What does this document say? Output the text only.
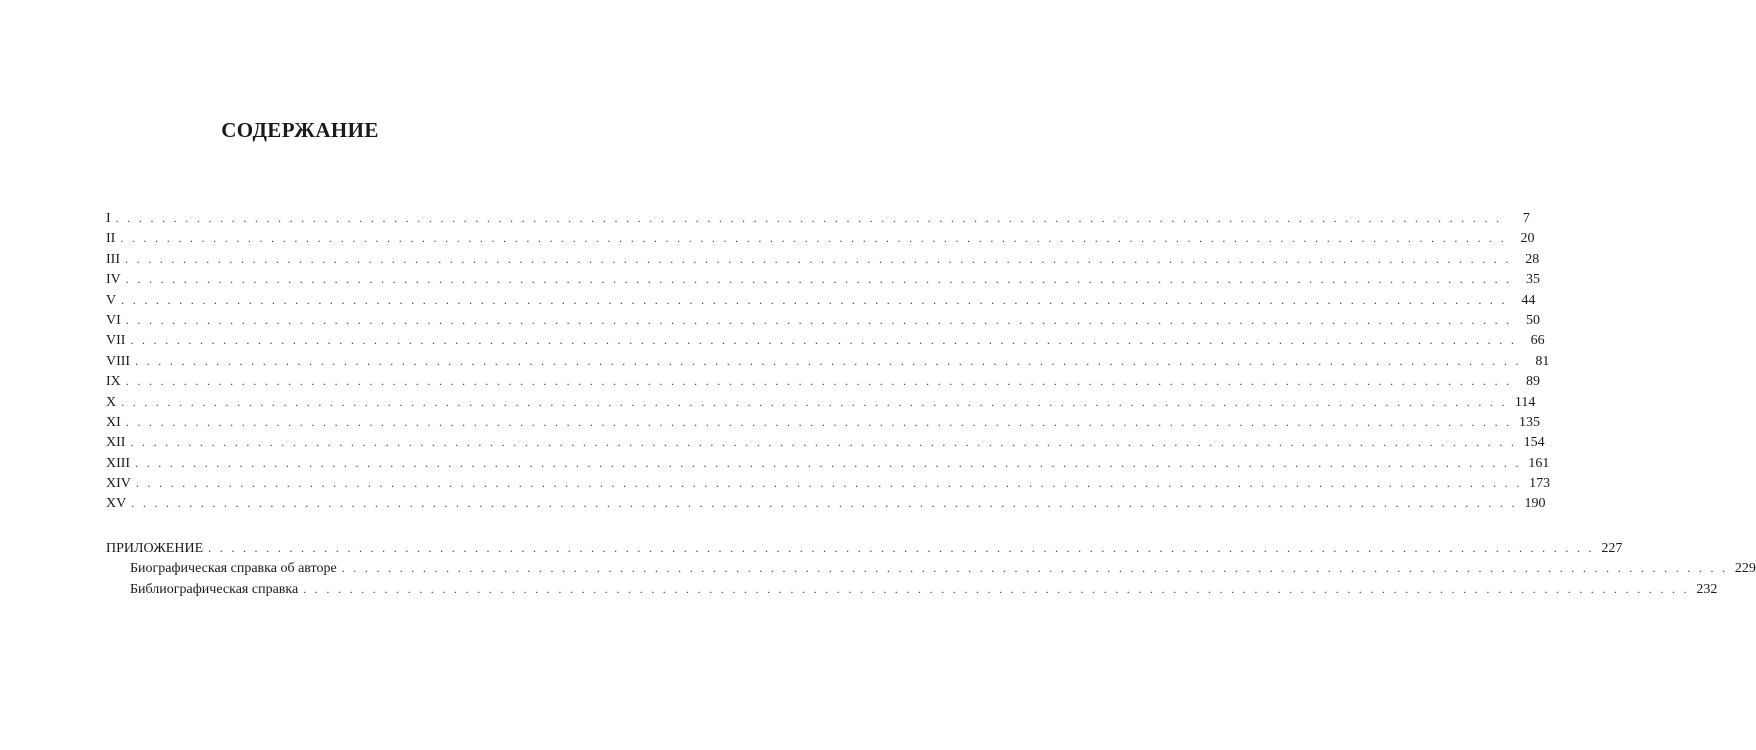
СОДЕРЖАНИЕ
I . . . . . . . . . . . . . . . . . . . . . . . . . . . . . . . . . . . . . . . . . . . . . . . . . . . . . . . . . . . . . . . . . . . . . . . . . . . . . . . . . . . . . . . . . . . . . . . . . . . . . . . . . . . . . . . . . . . . . . . .	7
II . . . . . . . . . . . . . . . . . . . . . . . . . . . . . . . . . . . . . . . . . . . . . . . . . . . . . . . . . . . . . . . . . . . . . . . . . . . . . . . . . . . . . . . . . . . . . . . . . . . . . . . . . . . . . . . . . . . . . . . .	20
III . . . . . . . . . . . . . . . . . . . . . . . . . . . . . . . . . . . . . . . . . . . . . . . . . . . . . . . . . . . . . . . . . . . . . . . . . . . . . . . . . . . . . . . . . . . . . . . . . . . . . . . . . . . . . . . . . . . . . . . .	28
IV . . . . . . . . . . . . . . . . . . . . . . . . . . . . . . . . . . . . . . . . . . . . . . . . . . . . . . . . . . . . . . . . . . . . . . . . . . . . . . . . . . . . . . . . . . . . . . . . . . . . . . . . . . . . . . . . . . . . . . . .	35
V . . . . . . . . . . . . . . . . . . . . . . . . . . . . . . . . . . . . . . . . . . . . . . . . . . . . . . . . . . . . . . . . . . . . . . . . . . . . . . . . . . . . . . . . . . . . . . . . . . . . . . . . . . . . . . . . . . . . . . . .	44
VI . . . . . . . . . . . . . . . . . . . . . . . . . . . . . . . . . . . . . . . . . . . . . . . . . . . . . . . . . . . . . . . . . . . . . . . . . . . . . . . . . . . . . . . . . . . . . . . . . . . . . . . . . . . . . . . . . . . . . . . .	50
VII . . . . . . . . . . . . . . . . . . . . . . . . . . . . . . . . . . . . . . . . . . . . . . . . . . . . . . . . . . . . . . . . . . . . . . . . . . . . . . . . . . . . . . . . . . . . . . . . . . . . . . . . . . . . . . . . . . . . . . . .	66
VIII . . . . . . . . . . . . . . . . . . . . . . . . . . . . . . . . . . . . . . . . . . . . . . . . . . . . . . . . . . . . . . . . . . . . . . . . . . . . . . . . . . . . . . . . . . . . . . . . . . . . . . . . . . . . . . . . . . . . . . . .	81
IX . . . . . . . . . . . . . . . . . . . . . . . . . . . . . . . . . . . . . . . . . . . . . . . . . . . . . . . . . . . . . . . . . . . . . . . . . . . . . . . . . . . . . . . . . . . . . . . . . . . . . . . . . . . . . . . . . . . . . . . .	89
X . . . . . . . . . . . . . . . . . . . . . . . . . . . . . . . . . . . . . . . . . . . . . . . . . . . . . . . . . . . . . . . . . . . . . . . . . . . . . . . . . . . . . . . . . . . . . . . . . . . . . . . . . . . . . . . . . . . . . . . . 114
XI . . . . . . . . . . . . . . . . . . . . . . . . . . . . . . . . . . . . . . . . . . . . . . . . . . . . . . . . . . . . . . . . . . . . . . . . . . . . . . . . . . . . . . . . . . . . . . . . . . . . . . . . . . . . . . . . . . . . . . . . 135
XII . . . . . . . . . . . . . . . . . . . . . . . . . . . . . . . . . . . . . . . . . . . . . . . . . . . . . . . . . . . . . . . . . . . . . . . . . . . . . . . . . . . . . . . . . . . . . . . . . . . . . . . . . . . . . . . . . . . . . . . . 154
XIII . . . . . . . . . . . . . . . . . . . . . . . . . . . . . . . . . . . . . . . . . . . . . . . . . . . . . . . . . . . . . . . . . . . . . . . . . . . . . . . . . . . . . . . . . . . . . . . . . . . . . . . . . . . . . . . . . . . . . . . . 161
XIV . . . . . . . . . . . . . . . . . . . . . . . . . . . . . . . . . . . . . . . . . . . . . . . . . . . . . . . . . . . . . . . . . . . . . . . . . . . . . . . . . . . . . . . . . . . . . . . . . . . . . . . . . . . . . . . . . . . . . . . . 173
XV . . . . . . . . . . . . . . . . . . . . . . . . . . . . . . . . . . . . . . . . . . . . . . . . . . . . . . . . . . . . . . . . . . . . . . . . . . . . . . . . . . . . . . . . . . . . . . . . . . . . . . . . . . . . . . . . . . . . . . . . 190
ПРИЛОЖЕНИЕ . . . . . . . . . . . . . . . . . . . . . . . . . . . . . . . . . . . . . . . . . . . . . . . . . . . . . . . . . . . . . . . . . . . . . . . . . . . . . . . . . . . . . . . . . . . . . . . . . . . . . . . . . . . . . . . . . . . . . . . . 227
Биографическая справка об авторе . . . . . . . . . . . . . . . . . . . . . . . . . . . . . . . . . . . . . . . . . . . . . . . . . . . . . . . . . . . . . . . . . . . . . . . . . . . . . . . . . . . . . . . . . . . . . . . . . . . . . . . . . . . . . . . . . . . . . . . . 229
Библиографическая справка . . . . . . . . . . . . . . . . . . . . . . . . . . . . . . . . . . . . . . . . . . . . . . . . . . . . . . . . . . . . . . . . . . . . . . . . . . . . . . . . . . . . . . . . . . . . . . . . . . . . . . . . . . . . . . . . . . . . . . . . 232
